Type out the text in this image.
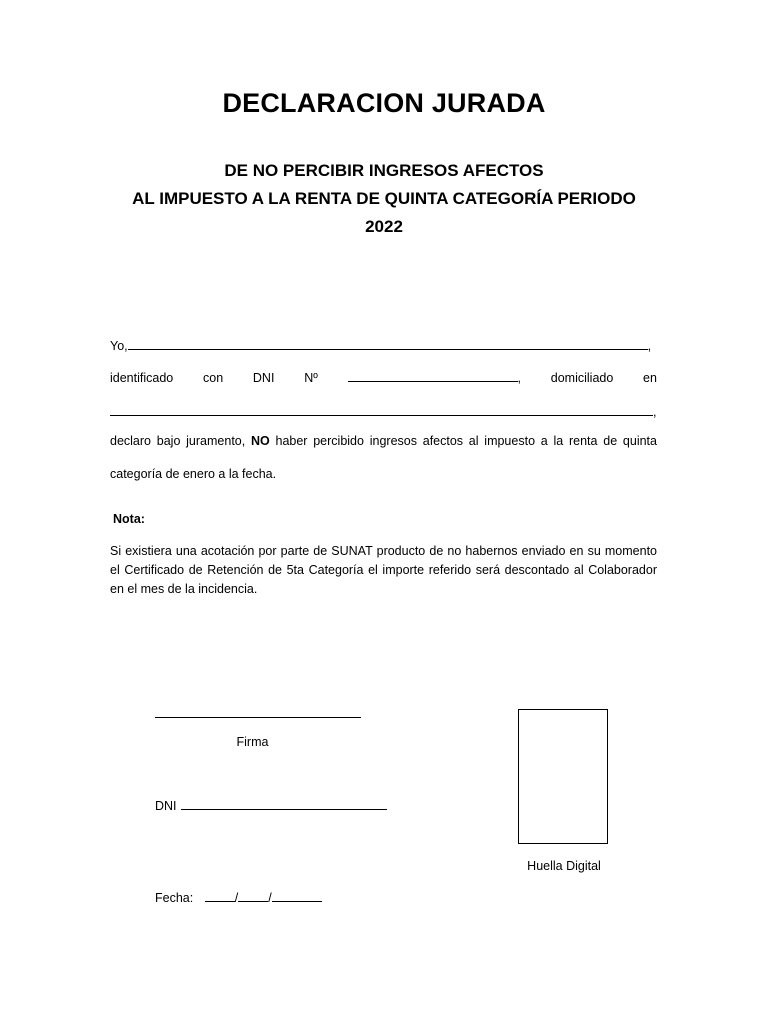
DECLARACION JURADA
DE NO PERCIBIR INGRESOS AFECTOS
AL IMPUESTO A LA RENTA DE QUINTA CATEGORÍA PERIODO
2022
Yo,	,
identificado con DNI Nº	, domiciliado en
,
declaro bajo juramento, NO haber percibido ingresos afectos al impuesto a la renta de quinta
categoría de enero a la fecha.
Nota:
Si existiera una acotación por parte de SUNAT producto de no habernos enviado en su momento el Certificado de Retención de 5ta Categoría el importe referido será descontado al Colaborador en el mes de la incidencia.
Firma
DNI
Fecha:	/ /
Huella Digital
